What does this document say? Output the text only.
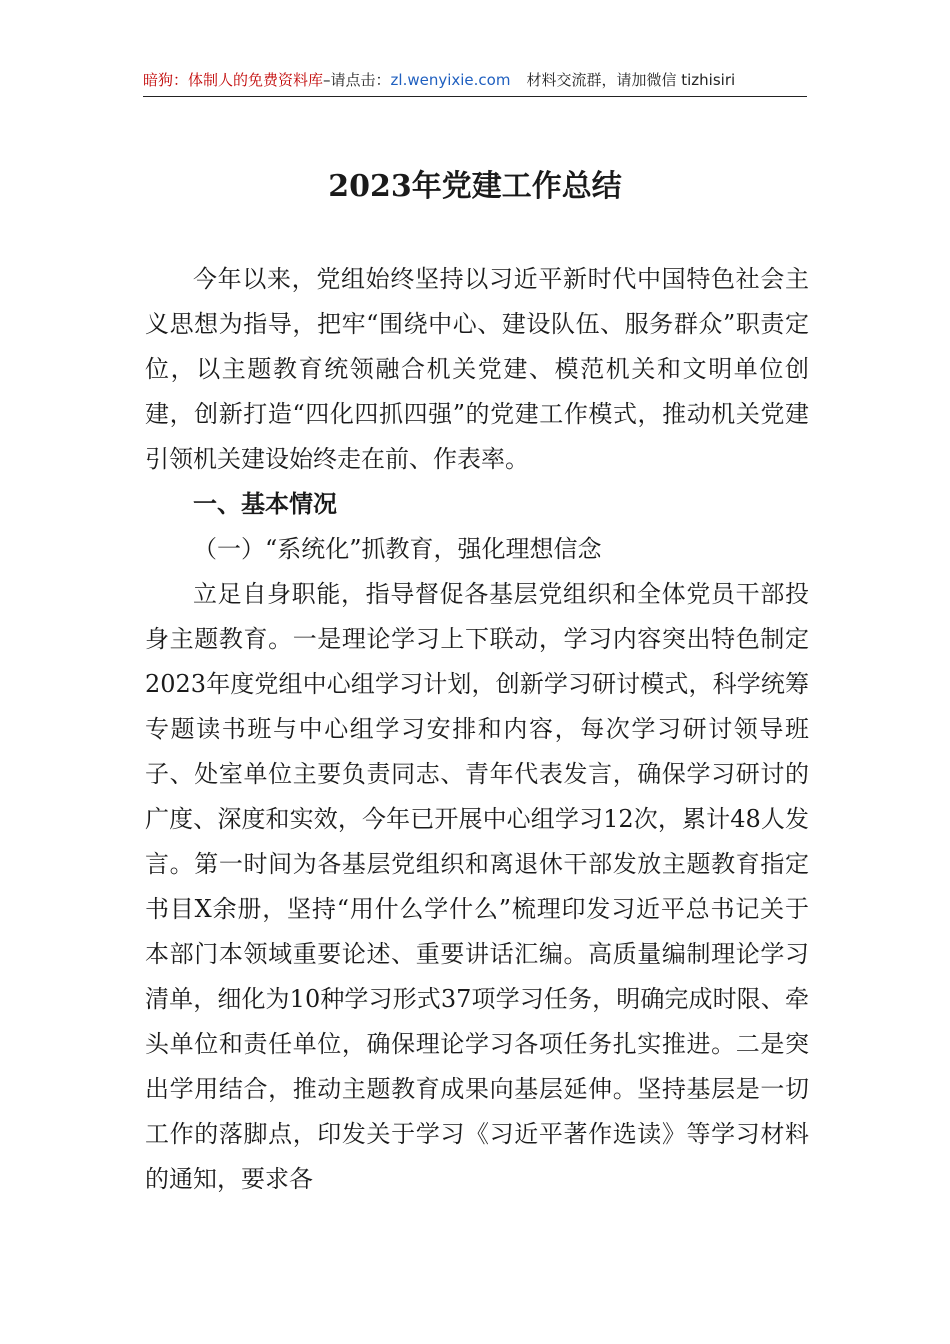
暗狗：体制人的免费资料库–请点击：zl.wenyixie.com 材料交流群，请加微信 tizhisiri
2023年党建工作总结

今年以来，党组始终坚持以习近平新时代中国特色社会主义思想为指导，把牢“围绕中心、建设队伍、服务群众”职责定位，以主题教育统领融合机关党建、模范机关和文明单位创建，创新打造“四化四抓四强”的党建工作模式，推动机关党建引领机关建设始终走在前、作表率。

一、基本情况
（一）“系统化”抓教育，强化理想信念

立足自身职能，指导督促各基层党组织和全体党员干部投身主题教育。一是理论学习上下联动，学习内容突出特色制定2023年度党组中心组学习计划，创新学习研讨模式，科学统筹专题读书班与中心组学习安排和内容，每次学习研讨领导班子、处室单位主要负责同志、青年代表发言，确保学习研讨的广度、深度和实效，今年已开展中心组学习12次，累计48人发言。第一时间为各基层党组织和离退休干部发放主题教育指定书目X余册，坚持“用什么学什么”梳理印发习近平总书记关于本部门本领域重要论述、重要讲话汇编。高质量编制理论学习清单，细化为10种学习形式37项学习任务，明确完成时限、牵头单位和责任单位，确保理论学习各项任务扎实推进。二是突出学用结合，推动主题教育成果向基层延伸。坚持基层是一切工作的落脚点，印发关于学习《习近平著作选读》等学习材料的通知，要求各
